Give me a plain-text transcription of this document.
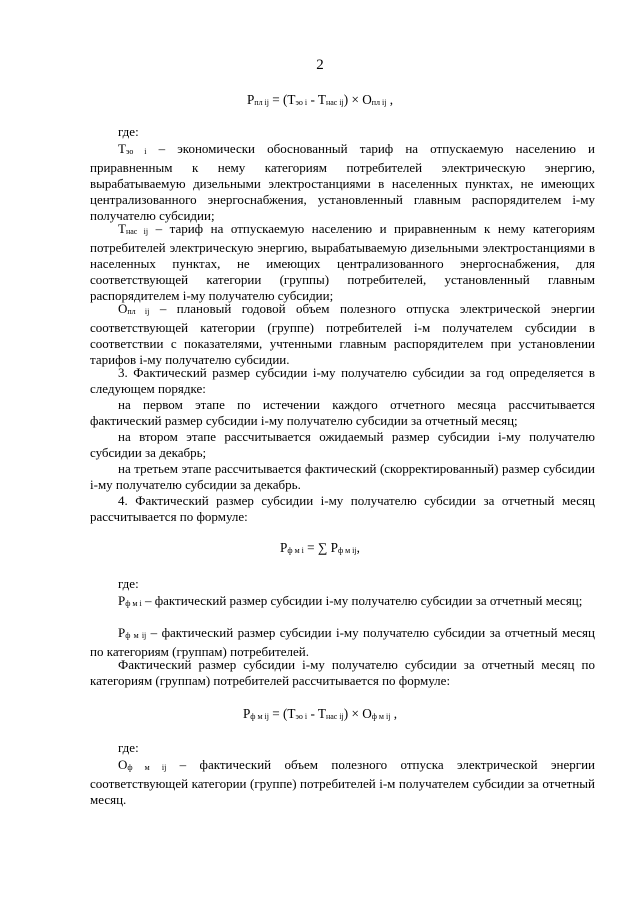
2
$P_{пл ij} = (T_{эо i} - T_{нас ij}) \times O_{пл ij}$ ,
где:
$T_{эо i}$ – экономически обоснованный тариф на отпускаемую населению и приравненным к нему категориям потребителей электрическую энергию, вырабатываемую дизельными электростанциями в населенных пунктах, не имеющих централизованного энергоснабжения, установленный главным распорядителем i-му получателю субсидии;
$T_{нас ij}$ – тариф на отпускаемую населению и приравненным к нему категориям потребителей электрическую энергию, вырабатываемую дизельными электростанциями в населенных пунктах, не имеющих централизованного энергоснабжения, для соответствующей категории (группы) потребителей, установленный главным распорядителем i-му получателю субсидии;
$O_{пл ij}$ – плановый годовой объем полезного отпуска электрической энергии соответствующей категории (группе) потребителей i-м получателем субсидии в соответствии с показателями, учтенными главным распорядителем при установлении тарифов i-му получателю субсидии.
3. Фактический размер субсидии i-му получателю субсидии за год определяется в следующем порядке:
на первом этапе по истечении каждого отчетного месяца рассчитывается фактический размер субсидии i-му получателю субсидии за отчетный месяц;
на втором этапе рассчитывается ожидаемый размер субсидии i-му получателю субсидии за декабрь;
на третьем этапе рассчитывается фактический (скорректированный) размер субсидии i-му получателю субсидии за декабрь.
4. Фактический размер субсидии i-му получателю субсидии за отчетный месяц рассчитывается по формуле:
$P_{ф м i}$ = ∑ $P_{ф м ij}$,
где:
$P_{ф м i}$ – фактический размер субсидии i-му получателю субсидии за отчетный месяц;
$P_{ф м ij}$ – фактический размер субсидии i-му получателю субсидии за отчетный месяц по категориям (группам) потребителей.
Фактический размер субсидии i-му получателю субсидии за отчетный месяц по категориям (группам) потребителей рассчитывается по формуле:
$P_{ф м ij} = (T_{эо i} - T_{нас ij}) \times O_{ф м ij}$ ,
где:
$O_{ф м ij}$ – фактический объем полезного отпуска электрической энергии соответствующей категории (группе) потребителей i-м получателем субсидии за отчетный месяц.
